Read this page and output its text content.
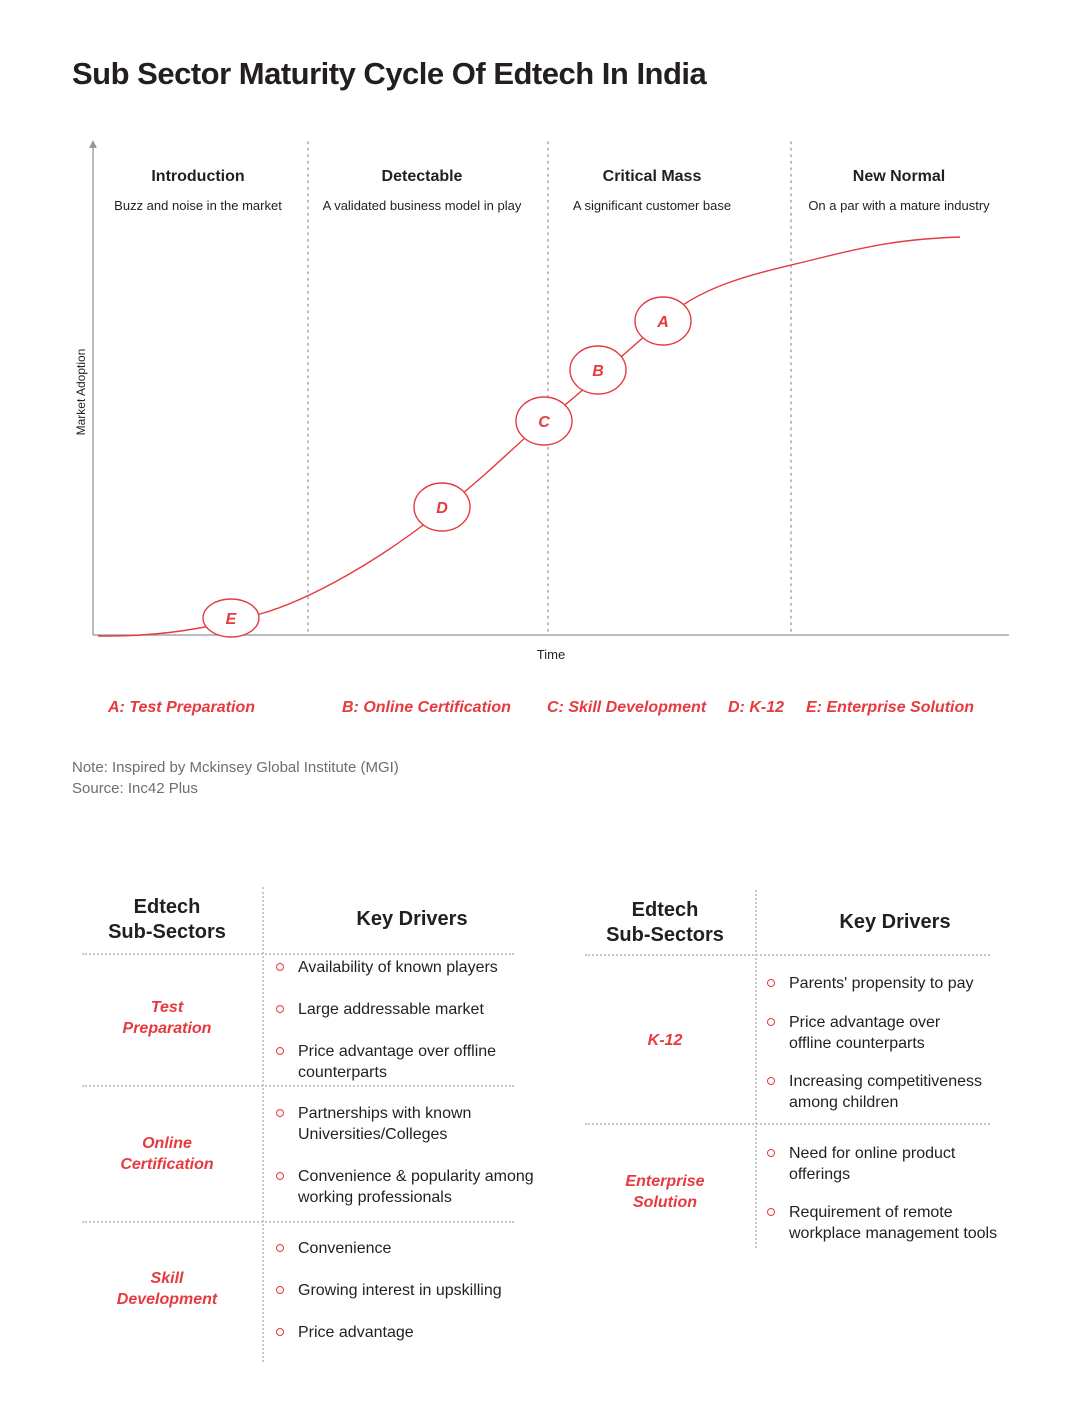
Sub Sector Maturity Cycle Of Edtech In India
Introduction
Buzz and noise in the market
Detectable
A validated business model in play
Critical Mass
A significant customer base
New Normal
On a par with a mature industry
Market Adoption
Time
E
D
C
B
A
A: Test Preparation	B: Online Certification C: Skill Development D: K-12 E: Enterprise Solution
Note: Inspired by Mckinsey Global Institute (MGI)
Source: Inc42 Plus
Edtech
Sub-Sectors
Key Drivers
Test
Preparation
Availability of known players
Large addressable market
Price advantage over offline counterparts
Online
Certification
Partnerships with known Universities/Colleges
Convenience & popularity among working professionals
Skill
Development
Convenience
Growing interest in upskilling
Price advantage
Edtech
Sub-Sectors
Key Drivers
K-12
Parents' propensity to pay
Price advantage over offline counterparts
Increasing competitiveness among children
Enterprise
Solution
Need for online product offerings
Requirement of remote workplace management tools
